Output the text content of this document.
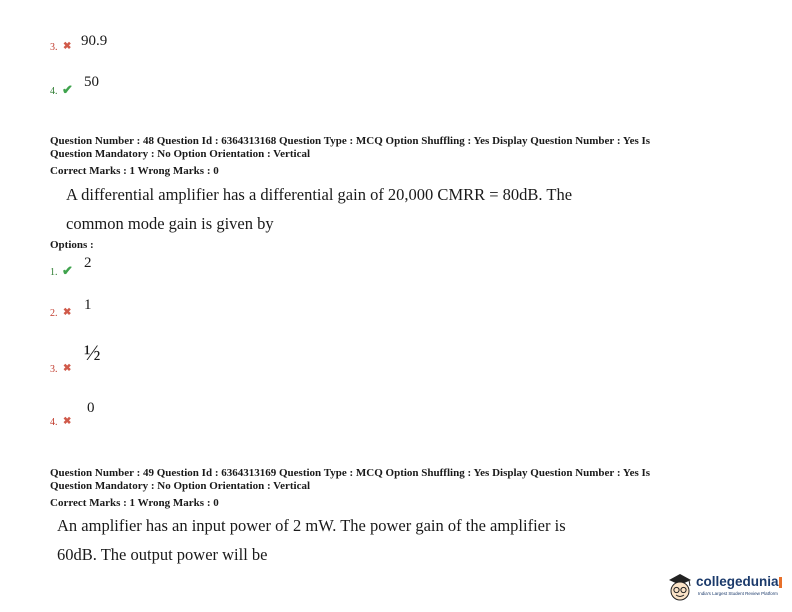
3. ✖ 90.9
4. ✔ 50
Question Number : 48 Question Id : 6364313168 Question Type : MCQ Option Shuffling : Yes Display Question Number : Yes Is
Question Mandatory : No Option Orientation : Vertical
Correct Marks : 1 Wrong Marks : 0
A differential amplifier has a differential gain of 20,000 CMRR = 80dB. The
common mode gain is given by
Options :
1. ✔ 2
2. ✖ 1
3. ✖
½
4. ✖
0
Question Number : 49 Question Id : 6364313169 Question Type : MCQ Option Shuffling : Yes Display Question Number : Yes Is
Question Mandatory : No Option Orientation : Vertical
Correct Marks : 1 Wrong Marks : 0
An amplifier has an input power of 2 mW. The power gain of the amplifier is
60dB. The output power will be
collegedunia
India's Largest Student Review Platform
